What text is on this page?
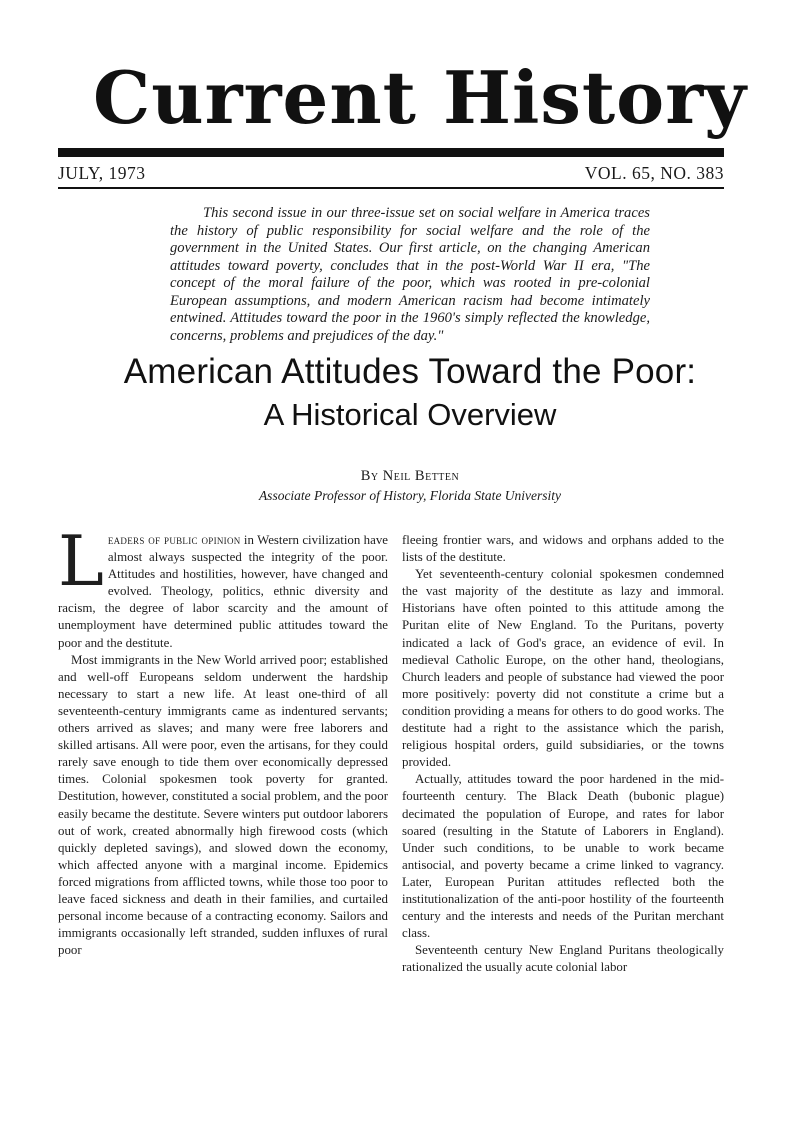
Current History
JULY, 1973	VOL. 65, NO. 383

This second issue in our three-issue set on social welfare in America traces the history of public responsibility for social welfare and the role of the government in the United States. Our first article, on the changing American attitudes toward poverty, concludes that in the post-World War II era, "The concept of the moral failure of the poor, which was rooted in pre-colonial European assumptions, and modern American racism had become intimately entwined. Attitudes toward the poor in the 1960's simply reflected the knowledge, concerns, problems and prejudices of the day."

American Attitudes Toward the Poor:
A Historical Overview
By Neil Betten
Associate Professor of History, Florida State University

Leaders of public opinion in Western civilization have almost always suspected the integrity of the poor. Attitudes and hostilities, however, have changed and evolved. Theology, politics, ethnic diversity and racism, the degree of labor scarcity and the amount of unemployment have determined public attitudes toward the poor and the destitute.

Most immigrants in the New World arrived poor; established and well-off Europeans seldom underwent the hardship necessary to start a new life. At least one-third of all seventeenth-century immigrants came as indentured servants; others arrived as slaves; and many were free laborers and skilled artisans. All were poor, even the artisans, for they could rarely save enough to tide them over economically depressed times. Colonial spokesmen took poverty for granted. Destitution, however, constituted a social problem, and the poor easily became the destitute. Severe winters put outdoor laborers out of work, created abnormally high firewood costs (which quickly depleted savings), and slowed down the economy, which affected anyone with a marginal income. Epidemics forced migrations from afflicted towns, while those too poor to leave faced sickness and death in their families, and curtailed personal income because of a contracting economy. Sailors and immigrants occasionally left stranded, sudden influxes of rural poor

fleeing frontier wars, and widows and orphans added to the lists of the destitute.

Yet seventeenth-century colonial spokesmen condemned the vast majority of the destitute as lazy and immoral. Historians have often pointed to this attitude among the Puritan elite of New England. To the Puritans, poverty indicated a lack of God's grace, an evidence of evil. In medieval Catholic Europe, on the other hand, theologians, Church leaders and people of substance had viewed the poor more positively: poverty did not constitute a crime but a condition providing a means for others to do good works. The destitute had a right to the assistance which the parish, religious hospital orders, guild subsidiaries, or the towns provided.

Actually, attitudes toward the poor hardened in the mid-fourteenth century. The Black Death (bubonic plague) decimated the population of Europe, and rates for labor soared (resulting in the Statute of Laborers in England). Under such conditions, to be unable to work became antisocial, and poverty became a crime linked to vagrancy. Later, European Puritan attitudes reflected both the institutionalization of the anti-poor hostility of the fourteenth century and the interests and needs of the Puritan merchant class.

Seventeenth century New England Puritans theologically rationalized the usually acute colonial labor
